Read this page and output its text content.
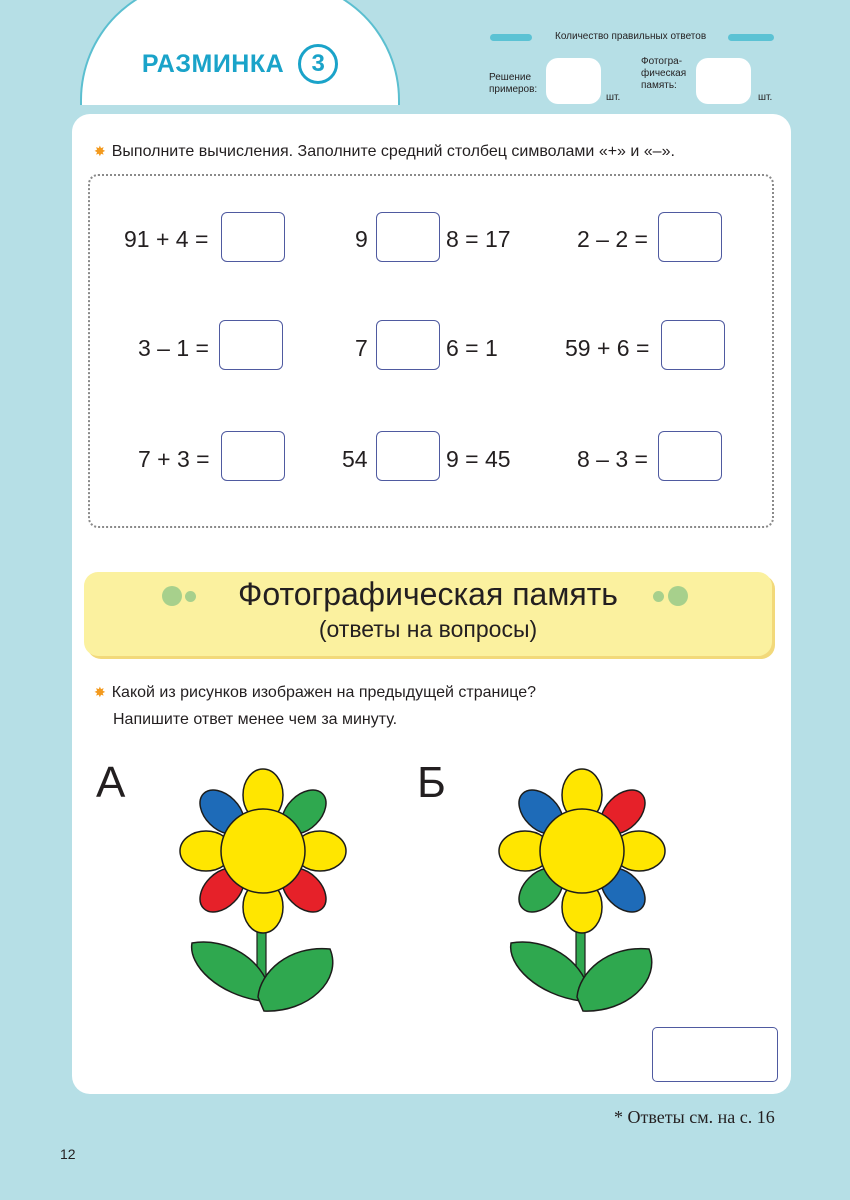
РАЗМИНКА	3
Количество правильных ответов
Решение
примеров:
шт.
Фотогра-
фическая
память:
шт.
✸ Выполните вычисления. Заполните средний столбец символами «+» и «–».
91 + 4 =	9	8 = 17	2 – 2 =
3 – 1 =	7	6 = 1	59 + 6 =
7 + 3 =	54	9 = 45	8 – 3 =
Фотографическая память
(ответы на вопросы)
✸ Какой из рисунков изображен на предыдущей странице?
Напишите ответ менее чем за минуту.
А	Б
* Ответы см. на с. 16
12
